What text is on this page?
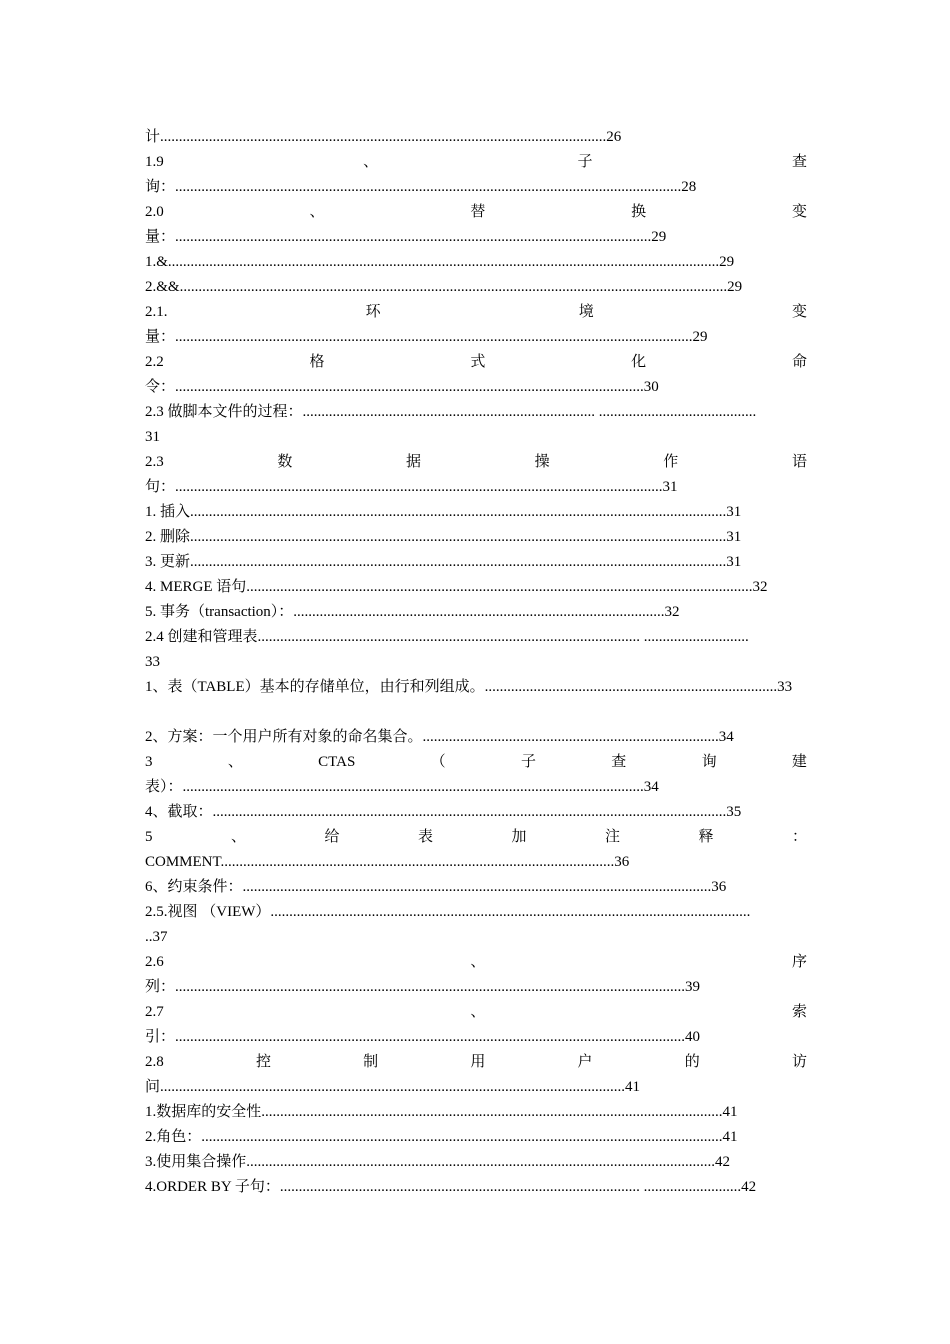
计.......................................................................................................................26
1.9	、	子	查
询：.......................................................................................................................................28
2.0	、	替	换	变
量：...............................................................................................................................29
1.&...................................................................................................................................................29
2.&&..................................................................................................................................................29
2.1.	环	境	变
量：..........................................................................................................................................29
2.2	格	式	化	命
令：.............................................................................................................................30
2.3 做脚本文件的过程：.............................................................................. ..........................................
31
2.3	数	据	操	作	语
句：..................................................................................................................................31
1. 插入...............................................................................................................................................31
2. 删除...............................................................................................................................................31
3. 更新...............................................................................................................................................31
4. MERGE 语句.......................................................................................................................................32
5. 事务（transaction）：...................................................................................................32
2.4 创建和管理表...................................................................................................... ............................
33
1、表（TABLE）基本的存储单位，由行和列组成。..............................................................................33
2、方案：一个用户所有对象的命名集合。...............................................................................34
3	、	CTAS	（	子	查	询	建
表）：...........................................................................................................................34
4、截取：.........................................................................................................................................35
5	、	给	表	加	注	释	：
COMMENT.........................................................................................................36
6、约束条件：.............................................................................................................................36
2.5.视图 （VIEW）................................................................................................................................
..37
2.6	、	序
列：........................................................................................................................................39
2.7	、	索
引：........................................................................................................................................40
2.8	控	制	用	户	的	访
问............................................................................................................................41
1.数据库的安全性...........................................................................................................................41
2.角色：...........................................................................................................................................41
3.使用集合操作.............................................................................................................................42
4.ORDER BY 子句：................................................................................................ ..........................42
